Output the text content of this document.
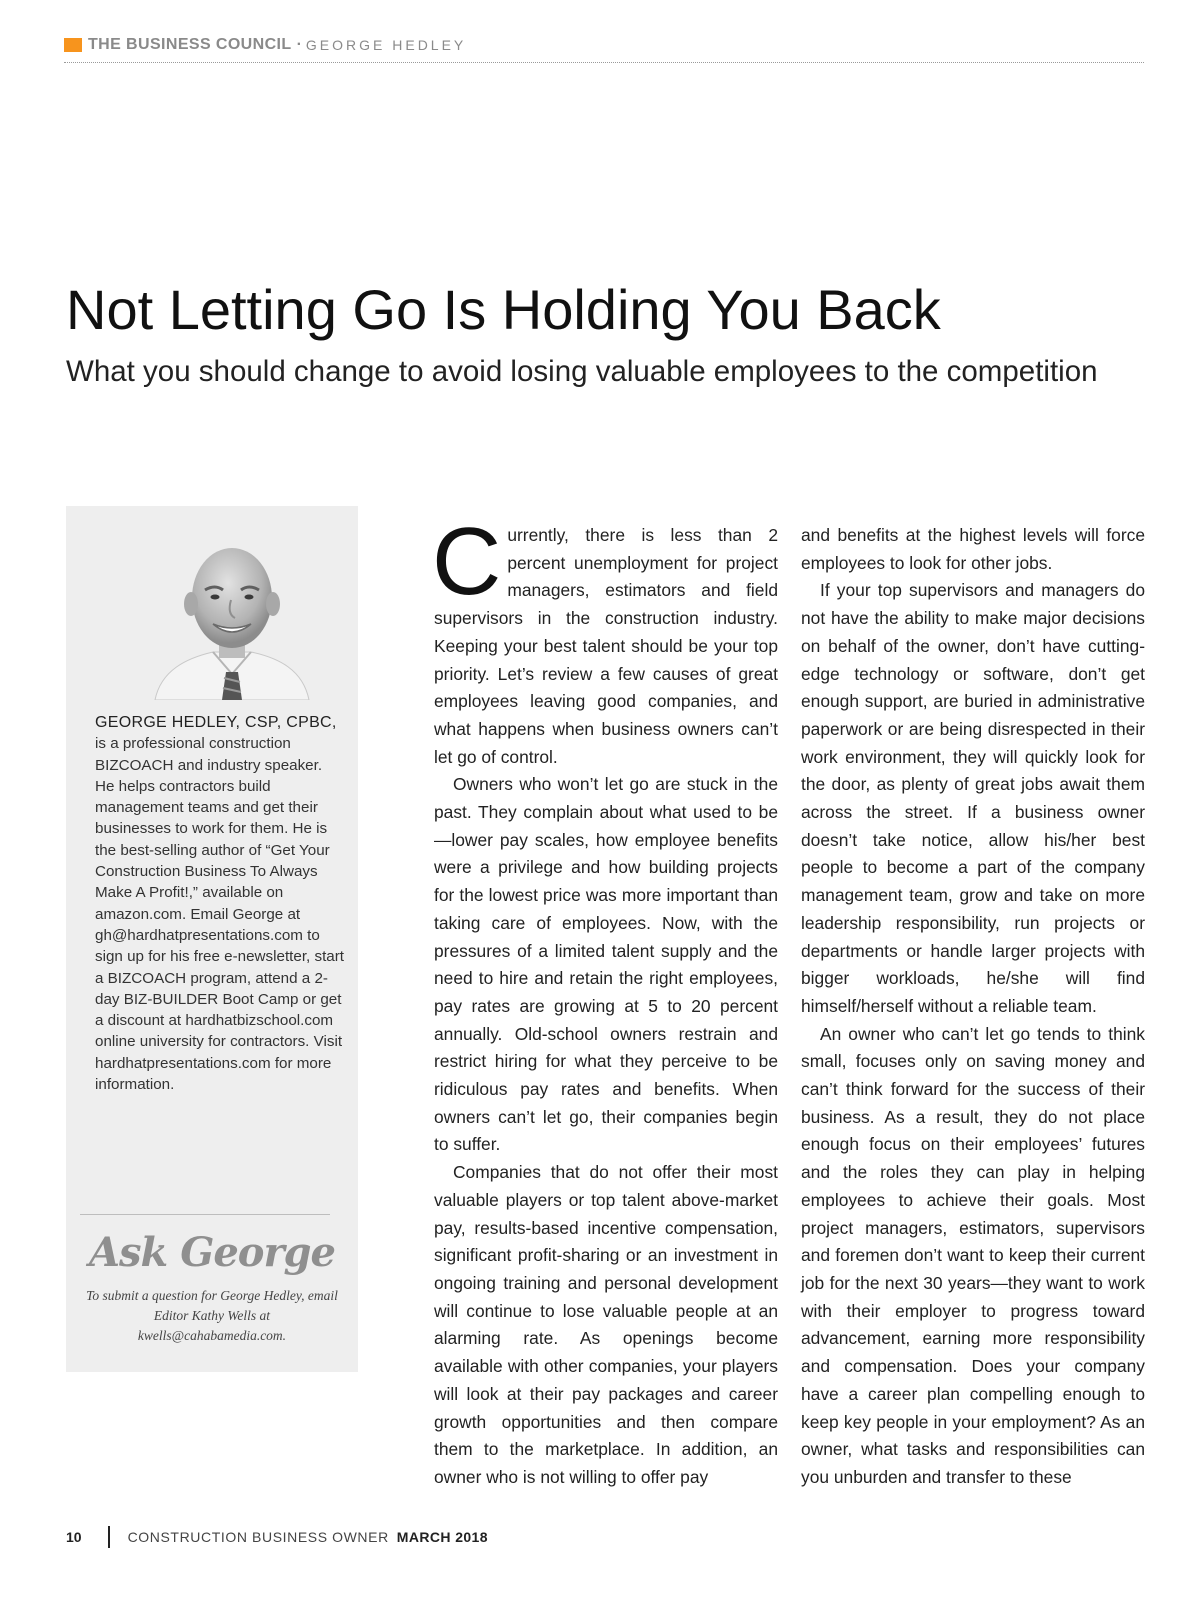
THE BUSINESS COUNCIL · GEORGE HEDLEY
Not Letting Go Is Holding You Back
What you should change to avoid losing valuable employees to the competition

GEORGE HEDLEY, CSP, CPBC, is a professional construction BIZCOACH and industry speaker. He helps contractors build management teams and get their businesses to work for them. He is the best-selling author of “Get Your Construction Business To Always Make A Profit!,” available on amazon.com. Email George at gh@hardhatpresentations.com to sign up for his free e-newsletter, start a BIZCOACH program, attend a 2-day BIZ-BUILDER Boot Camp or get a discount at hardhatbizschool.com online university for contractors. Visit hardhatpresentations.com for more information.

Ask George

To submit a question for George Hedley, email Editor Kathy Wells at kwells@cahabamedia.com.

Currently, there is less than 2 percent unemployment for project managers, estimators and field supervisors in the construction industry. Keeping your best talent should be your top priority. Let’s review a few causes of great employees leaving good companies, and what happens when business owners can’t let go of control.

Owners who won’t let go are stuck in the past. They complain about what used to be—lower pay scales, how employee benefits were a privilege and how building projects for the lowest price was more important than taking care of employees. Now, with the pressures of a limited talent supply and the need to hire and retain the right employees, pay rates are growing at 5 to 20 percent annually. Old-school owners restrain and restrict hiring for what they perceive to be ridiculous pay rates and benefits. When owners can’t let go, their companies begin to suffer.

Companies that do not offer their most valuable players or top talent above-market pay, results-based incentive compensation, significant profit-sharing or an investment in ongoing training and personal development will continue to lose valuable people at an alarming rate. As openings become available with other companies, your players will look at their pay packages and career growth opportunities and then compare them to the marketplace. In addition, an owner who is not willing to offer pay

and benefits at the highest levels will force employees to look for other jobs.

If your top supervisors and managers do not have the ability to make major decisions on behalf of the owner, don’t have cutting-edge technology or software, don’t get enough support, are buried in administrative paperwork or are being disrespected in their work environment, they will quickly look for the door, as plenty of great jobs await them across the street. If a business owner doesn’t take notice, allow his/her best people to become a part of the company management team, grow and take on more leadership responsibility, run projects or departments or handle larger projects with bigger workloads, he/she will find himself/herself without a reliable team.

An owner who can’t let go tends to think small, focuses only on saving money and can’t think forward for the success of their business. As a result, they do not place enough focus on their employees’ futures and the roles they can play in helping employees to achieve their goals. Most project managers, estimators, supervisors and foremen don’t want to keep their current job for the next 30 years—they want to work with their employer to progress toward advancement, earning more responsibility and compensation. Does your company have a career plan compelling enough to keep key people in your employment? As an owner, what tasks and responsibilities can you unburden and transfer to these

10	CONSTRUCTION BUSINESS OWNER MARCH 2018
